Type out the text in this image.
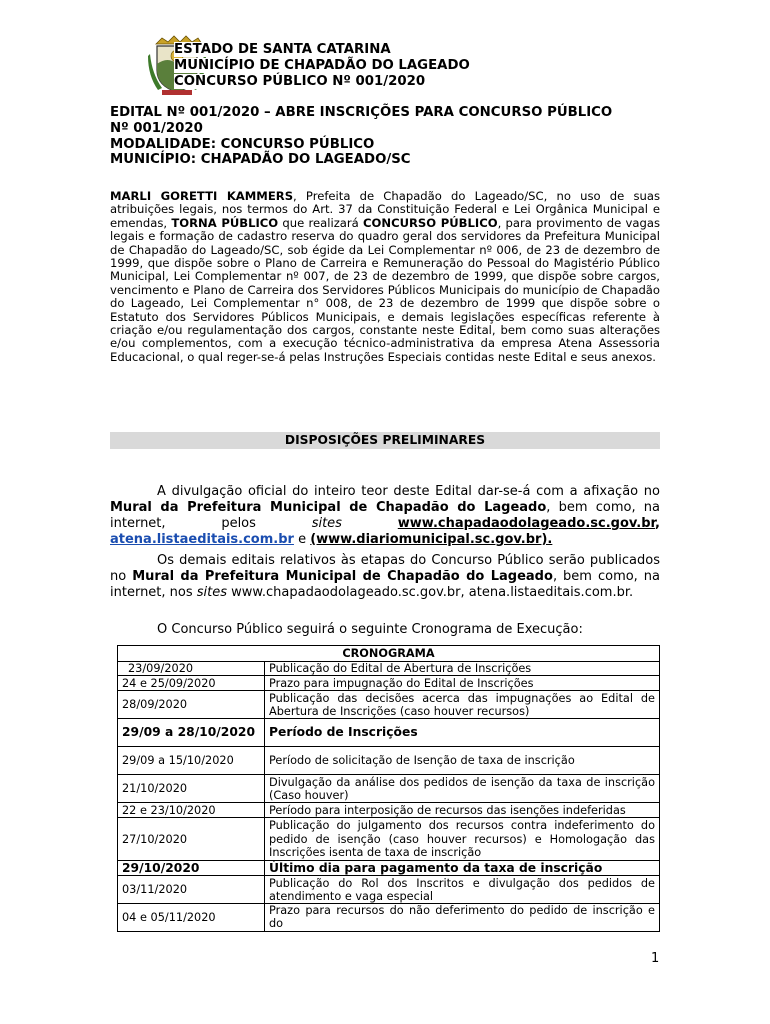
ESTADO DE SANTA CATARINA
MUNICÍPIO DE CHAPADÃO DO LAGEADO
CONCURSO PÚBLICO Nº 001/2020
EDITAL Nº 001/2020 – ABRE INSCRIÇÕES PARA CONCURSO PÚBLICO
Nº 001/2020
MODALIDADE: CONCURSO PÚBLICO
MUNICÍPIO: CHAPADÃO DO LAGEADO/SC

MARLI GORETTI KAMMERS, Prefeita de Chapadão do Lageado/SC, no uso de suas atribuições legais, nos termos do Art. 37 da Constituição Federal e Lei Orgânica Municipal e emendas, TORNA PÚBLICO que realizará CONCURSO PÚBLICO, para provimento de vagas legais e formação de cadastro reserva do quadro geral dos servidores da Prefeitura Municipal de Chapadão do Lageado/SC, sob égide da Lei Complementar nº 006, de 23 de dezembro de 1999, que dispõe sobre o Plano de Carreira e Remuneração do Pessoal do Magistério Público Municipal, Lei Complementar nº 007, de 23 de dezembro de 1999, que dispõe sobre cargos, vencimento e Plano de Carreira dos Servidores Públicos Municipais do município de Chapadão do Lageado, Lei Complementar n° 008, de 23 de dezembro de 1999 que dispõe sobre o Estatuto dos Servidores Públicos Municipais, e demais legislações específicas referente à criação e/ou regulamentação dos cargos, constante neste Edital, bem como suas alterações e/ou complementos, com a execução técnico-administrativa da empresa Atena Assessoria Educacional, o qual reger-se-á pelas Instruções Especiais contidas neste Edital e seus anexos.

DISPOSIÇÕES PRELIMINARES

A divulgação oficial do inteiro teor deste Edital dar-se-á com a afixação no Mural da Prefeitura Municipal de Chapadão do Lageado, bem como, na internet, pelos sites	www.chapadaodolageado.sc.gov.br, atena.listaeditais.com.br e (www.diariomunicipal.sc.gov.br).

Os demais editais relativos às etapas do Concurso Público serão publicados no Mural da Prefeitura Municipal de Chapadão do Lageado, bem como, na internet, nos sites www.chapadaodolageado.sc.gov.br, atena.listaeditais.com.br.

O Concurso Público seguirá o seguinte Cronograma de Execução:

CRONOGRAMA	
23/09/2020	Publicação do Edital de Abertura de Inscrições
24 e 25/09/2020	Prazo para impugnação do Edital de Inscrições
28/09/2020	Publicação das decisões acerca das impugnações ao Edital de Abertura de Inscrições (caso houver recursos)
29/09 a 28/10/2020	Período de Inscrições
29/09 a 15/10/2020	Período de solicitação de Isenção de taxa de inscrição
21/10/2020	Divulgação da análise dos pedidos de isenção da taxa de inscrição (Caso houver)
22 e 23/10/2020	Período para interposição de recursos das isenções indeferidas
27/10/2020	Publicação do julgamento dos recursos contra indeferimento do pedido de isenção (caso houver recursos) e Homologação das Inscrições isenta de taxa de inscrição
29/10/2020	Último dia para pagamento da taxa de inscrição
03/11/2020	Publicação do Rol dos Inscritos e divulgação dos pedidos de atendimento e vaga especial
04 e 05/11/2020	Prazo para recursos do não deferimento do pedido de inscrição e do
1
